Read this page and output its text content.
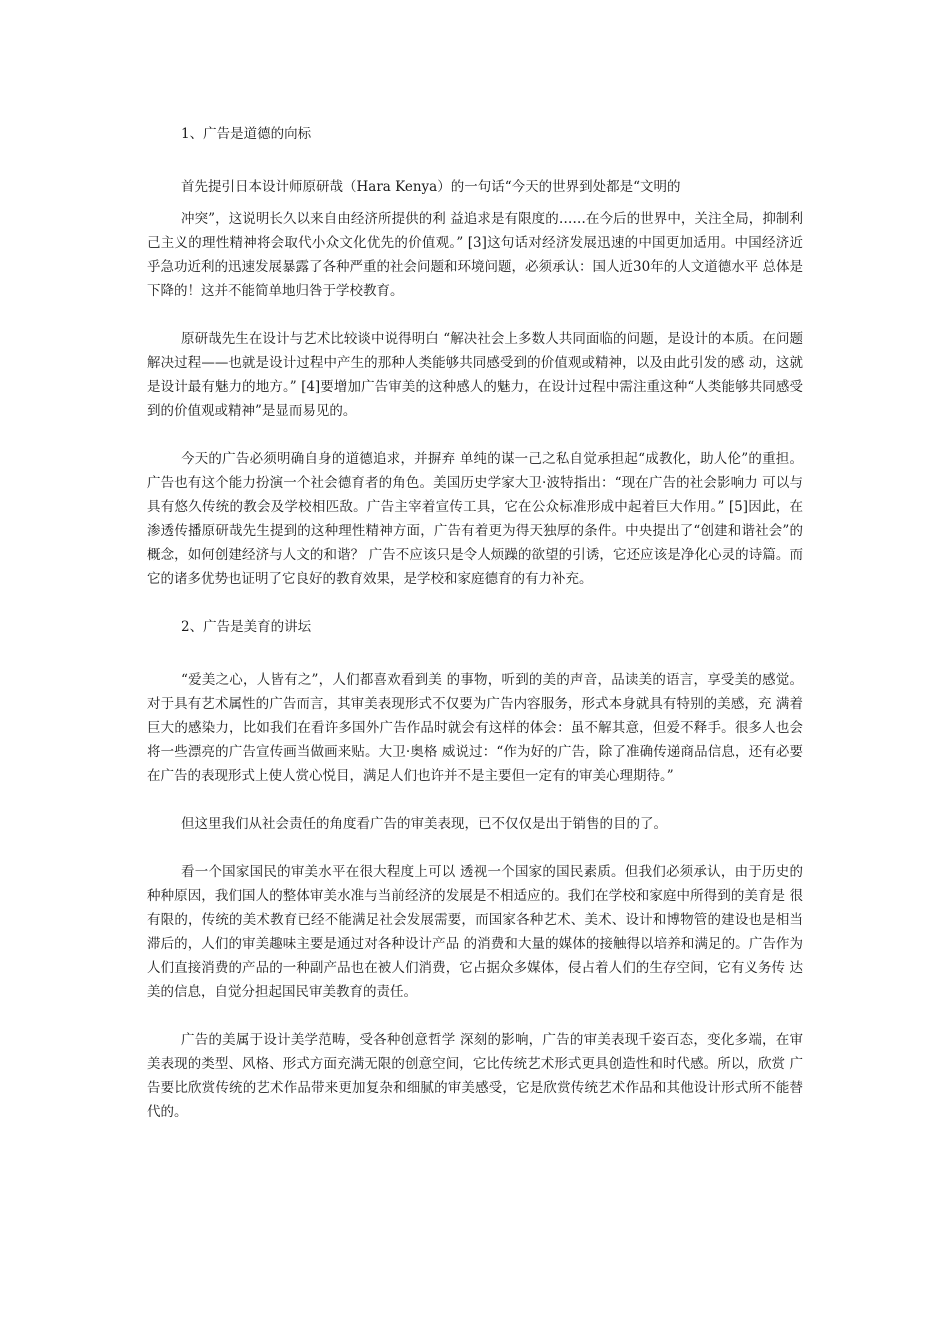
1、广告是道德的向标

首先提引日本设计师原研哉（Hara Kenya）的一句话“今天的世界到处都是“文明的

冲突”，这说明长久以来自由经济所提供的利 益追求是有限度的……在今后的世界中，关注全局，抑制利己主义的理性精神将会取代小众文化优先的价值观。” [3]这句话对经济发展迅速的中国更加适用。中国经济近乎急功近利的迅速发展暴露了各种严重的社会问题和环境问题，必须承认：国人近30年的人文道德水平 总体是下降的！这并不能简单地归咎于学校教育。

原研哉先生在设计与艺术比较谈中说得明白 “解决社会上多数人共同面临的问题，是设计的本质。在问题解决过程——也就是设计过程中产生的那种人类能够共同感受到的价值观或精神，以及由此引发的感 动，这就是设计最有魅力的地方。” [4]要增加广告审美的这种感人的魅力，在设计过程中需注重这种“人类能够共同感受到的价值观或精神”是显而易见的。

今天的广告必须明确自身的道德追求，并摒弃 单纯的谋一己之私自觉承担起“成教化，助人伦”的重担。广告也有这个能力扮演一个社会德育者的角色。美国历史学家大卫·波特指出：“现在广告的社会影响力 可以与具有悠久传统的教会及学校相匹敌。广告主宰着宣传工具，它在公众标准形成中起着巨大作用。” [5]因此，在渗透传播原研哉先生提到的这种理性精神方面，广告有着更为得天独厚的条件。中央提出了“创建和谐社会”的概念，如何创建经济与人文的和谐？ 广告不应该只是令人烦躁的欲望的引诱，它还应该是净化心灵的诗篇。而它的诸多优势也证明了它良好的教育效果，是学校和家庭德育的有力补充。

2、广告是美育的讲坛

“爱美之心，人皆有之”，人们都喜欢看到美 的事物，听到的美的声音，品读美的语言，享受美的感觉。对于具有艺术属性的广告而言，其审美表现形式不仅要为广告内容服务，形式本身就具有特别的美感，充 满着巨大的感染力，比如我们在看许多国外广告作品时就会有这样的体会：虽不解其意，但爱不释手。很多人也会将一些漂亮的广告宣传画当做画来贴。大卫·奥格 威说过：“作为好的广告，除了准确传递商品信息，还有必要在广告的表现形式上使人赏心悦目，满足人们也许并不是主要但一定有的审美心理期待。”

但这里我们从社会责任的角度看广告的审美表现，已不仅仅是出于销售的目的了。

看一个国家国民的审美水平在很大程度上可以 透视一个国家的国民素质。但我们必须承认，由于历史的种种原因，我们国人的整体审美水准与当前经济的发展是不相适应的。我们在学校和家庭中所得到的美育是 很有限的，传统的美术教育已经不能满足社会发展需要，而国家各种艺术、美术、设计和博物管的建设也是相当滞后的，人们的审美趣味主要是通过对各种设计产品 的消费和大量的媒体的接触得以培养和满足的。广告作为人们直接消费的产品的一种副产品也在被人们消费，它占据众多媒体，侵占着人们的生存空间，它有义务传 达美的信息，自觉分担起国民审美教育的责任。

广告的美属于设计美学范畴，受各种创意哲学 深刻的影响，广告的审美表现千姿百态，变化多端，在审美表现的类型、风格、形式方面充满无限的创意空间，它比传统艺术形式更具创造性和时代感。所以，欣赏 广告要比欣赏传统的艺术作品带来更加复杂和细腻的审美感受，它是欣赏传统艺术作品和其他设计形式所不能替代的。
